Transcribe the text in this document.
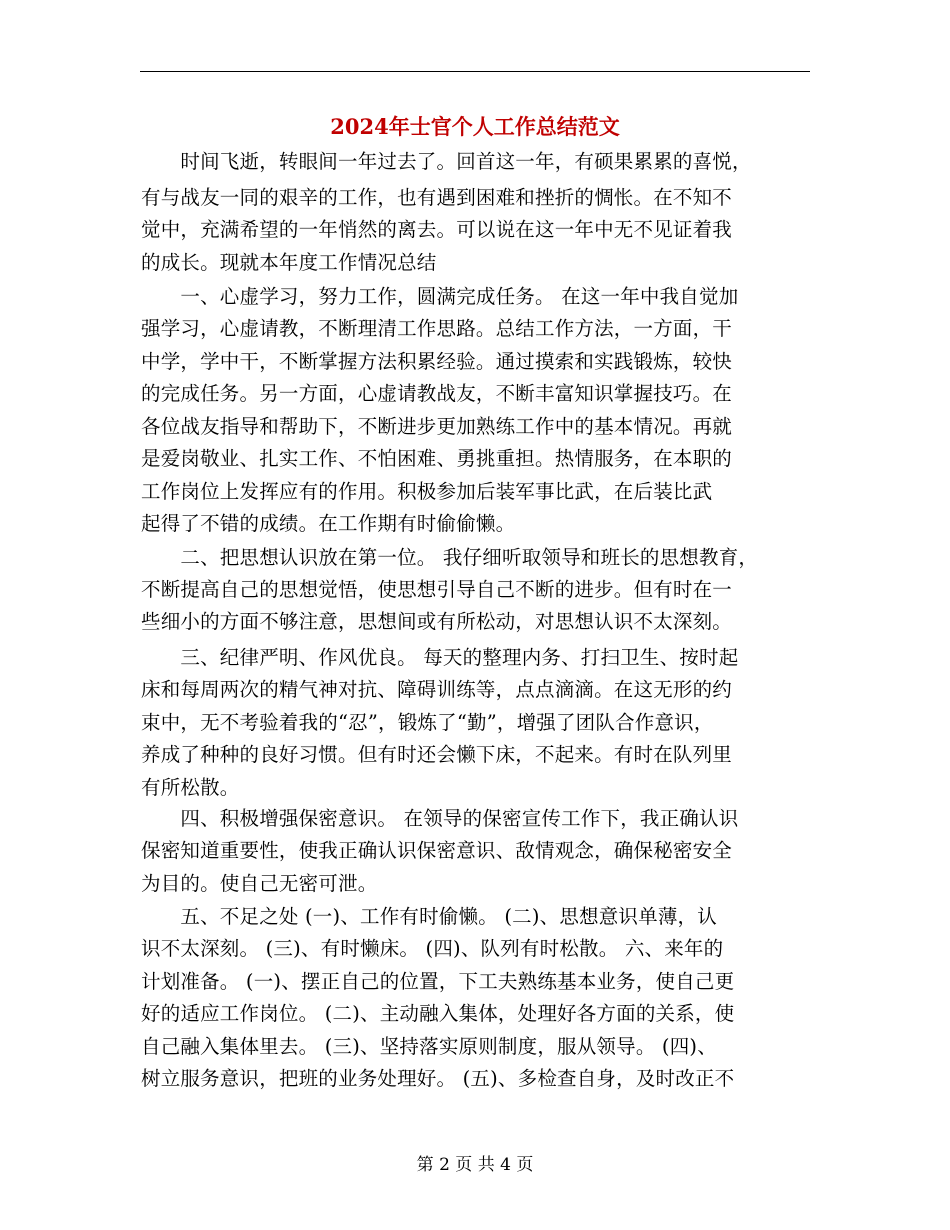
2024年士官个人工作总结范文
　　时间飞逝，转眼间一年过去了。回首这一年，有硕果累累的喜悦，
有与战友一同的艰辛的工作，也有遇到困难和挫折的惆怅。在不知不
觉中，充满希望的一年悄然的离去。可以说在这一年中无不见证着我
的成长。现就本年度工作情况总结
　　一、心虚学习，努力工作，圆满完成任务。 在这一年中我自觉加
强学习，心虚请教，不断理清工作思路。总结工作方法，一方面，干
中学，学中干，不断掌握方法积累经验。通过摸索和实践锻炼，较快
的完成任务。另一方面，心虚请教战友，不断丰富知识掌握技巧。在
各位战友指导和帮助下，不断进步更加熟练工作中的基本情况。再就
是爱岗敬业、扎实工作、不怕困难、勇挑重担。热情服务，在本职的
工作岗位上发挥应有的作用。积极参加后装军事比武，在后装比武
起得了不错的成绩。在工作期有时偷偷懒。
　　二、把思想认识放在第一位。 我仔细听取领导和班长的思想教育，
不断提高自己的思想觉悟，使思想引导自己不断的进步。但有时在一
些细小的方面不够注意，思想间或有所松动，对思想认识不太深刻。
　　三、纪律严明、作风优良。 每天的整理内务、打扫卫生、按时起
床和每周两次的精气神对抗、障碍训练等，点点滴滴。在这无形的约
束中，无不考验着我的“忍”，锻炼了“勤”，增强了团队合作意识，
养成了种种的良好习惯。但有时还会懒下床，不起来。有时在队列里
有所松散。
　　四、积极增强保密意识。 在领导的保密宣传工作下，我正确认识
保密知道重要性，使我正确认识保密意识、敌情观念，确保秘密安全
为目的。使自己无密可泄。
　　五、不足之处 (一)、工作有时偷懒。 (二)、思想意识单薄，认
识不太深刻。 (三)、有时懒床。 (四)、队列有时松散。 六、来年的
计划准备。 (一)、摆正自己的位置，下工夫熟练基本业务，使自己更
好的适应工作岗位。 (二)、主动融入集体，处理好各方面的关系，使
自己融入集体里去。 (三)、坚持落实原则制度，服从领导。 (四)、
树立服务意识，把班的业务处理好。 (五)、多检查自身，及时改正不
第 2 页 共 4 页
